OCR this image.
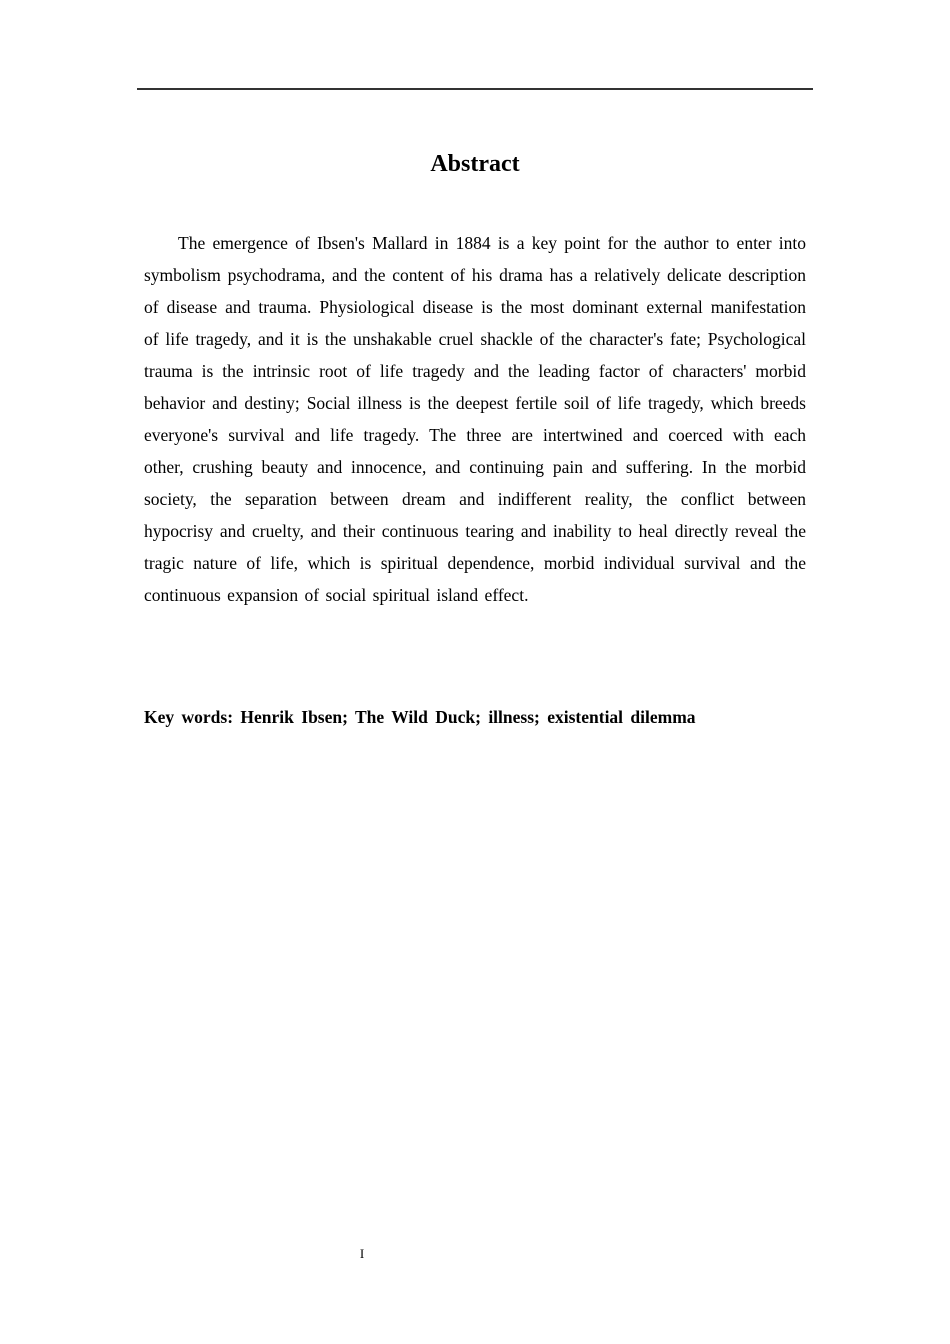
Abstract

The emergence of Ibsen's Mallard in 1884 is a key point for the author to enter into symbolism psychodrama, and the content of his drama has a relatively delicate description of disease and trauma. Physiological disease is the most dominant external manifestation of life tragedy, and it is the unshakable cruel shackle of the character's fate; Psychological trauma is the intrinsic root of life tragedy and the leading factor of characters' morbid behavior and destiny; Social illness is the deepest fertile soil of life tragedy, which breeds everyone's survival and life tragedy. The three are intertwined and coerced with each other, crushing beauty and innocence, and continuing pain and suffering. In the morbid society, the separation between dream and indifferent reality, the conflict between hypocrisy and cruelty, and their continuous tearing and inability to heal directly reveal the tragic nature of life, which is spiritual dependence, morbid individual survival and the continuous expansion of social spiritual island effect.

Key words: Henrik Ibsen; The Wild Duck; illness; existential dilemma

I
